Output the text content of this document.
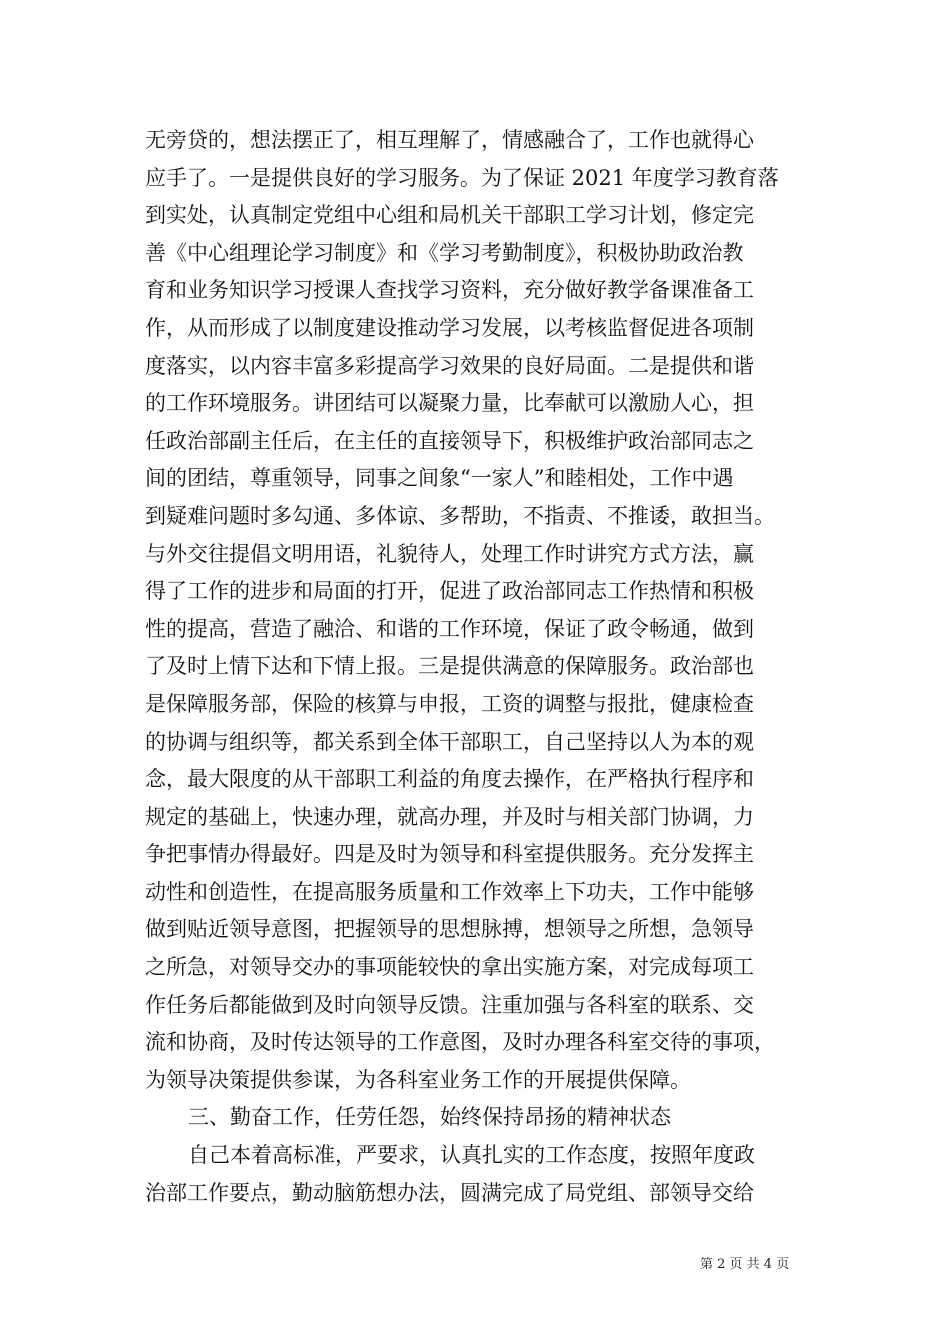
无旁贷的，想法摆正了，相互理解了，情感融合了，工作也就得心
应手了。一是提供良好的学习服务。为了保证 2021 年度学习教育落
到实处，认真制定党组中心组和局机关干部职工学习计划，修定完
善《中心组理论学习制度》和《学习考勤制度》，积极协助政治教
育和业务知识学习授课人查找学习资料，充分做好教学备课准备工
作，从而形成了以制度建设推动学习发展，以考核监督促进各项制
度落实，以内容丰富多彩提高学习效果的良好局面。二是提供和谐
的工作环境服务。讲团结可以凝聚力量，比奉献可以激励人心，担
任政治部副主任后，在主任的直接领导下，积极维护政治部同志之
间的团结，尊重领导，同事之间象“一家人”和睦相处，工作中遇
到疑难问题时多勾通、多体谅、多帮助，不指责、不推诿，敢担当。
与外交往提倡文明用语，礼貌待人，处理工作时讲究方式方法，赢
得了工作的进步和局面的打开，促进了政治部同志工作热情和积极
性的提高，营造了融洽、和谐的工作环境，保证了政令畅通，做到
了及时上情下达和下情上报。三是提供满意的保障服务。政治部也
是保障服务部，保险的核算与申报，工资的调整与报批，健康检查
的协调与组织等，都关系到全体干部职工，自己坚持以人为本的观
念，最大限度的从干部职工利益的角度去操作，在严格执行程序和
规定的基础上，快速办理，就高办理，并及时与相关部门协调，力
争把事情办得最好。四是及时为领导和科室提供服务。充分发挥主
动性和创造性，在提高服务质量和工作效率上下功夫，工作中能够
做到贴近领导意图，把握领导的思想脉搏，想领导之所想，急领导
之所急，对领导交办的事项能较快的拿出实施方案，对完成每项工
作任务后都能做到及时向领导反馈。注重加强与各科室的联系、交
流和协商，及时传达领导的工作意图，及时办理各科室交待的事项，
为领导决策提供参谋，为各科室业务工作的开展提供保障。
三、勤奋工作，任劳任怨，始终保持昂扬的精神状态
自己本着高标准，严要求，认真扎实的工作态度，按照年度政
治部工作要点，勤动脑筋想办法，圆满完成了局党组、部领导交给
第 2 页 共 4 页
